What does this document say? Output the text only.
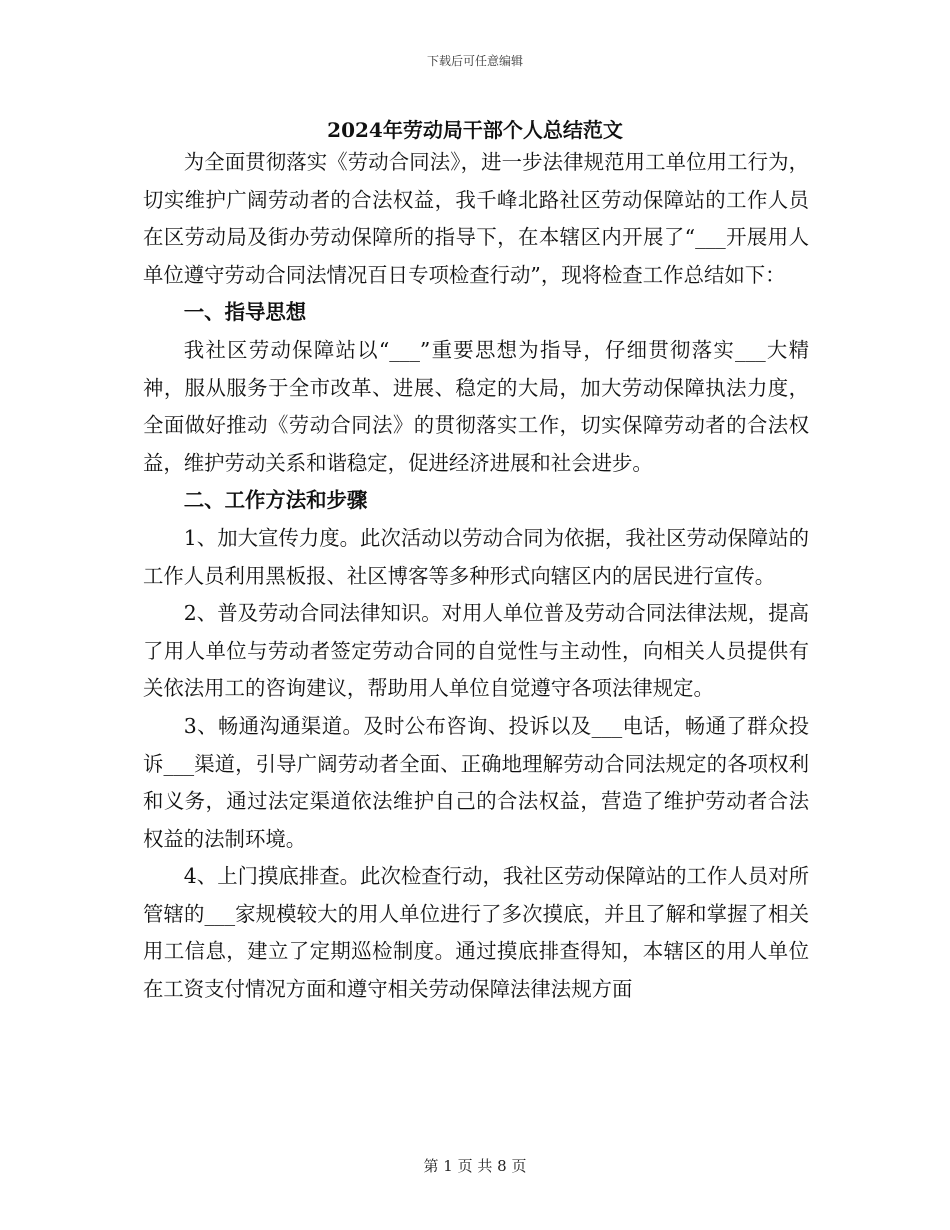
下载后可任意编辑
2024年劳动局干部个人总结范文

为全面贯彻落实《劳动合同法》，进一步法律规范用工单位用工行为，切实维护广阔劳动者的合法权益，我千峰北路社区劳动保障站的工作人员在区劳动局及街办劳动保障所的指导下，在本辖区内开展了“___开展用人单位遵守劳动合同法情况百日专项检查行动”，现将检查工作总结如下：

一、指导思想

我社区劳动保障站以“___”重要思想为指导，仔细贯彻落实___大精神，服从服务于全市改革、进展、稳定的大局，加大劳动保障执法力度，全面做好推动《劳动合同法》的贯彻落实工作，切实保障劳动者的合法权益，维护劳动关系和谐稳定，促进经济进展和社会进步。

二、工作方法和步骤

1、加大宣传力度。此次活动以劳动合同为依据，我社区劳动保障站的工作人员利用黑板报、社区博客等多种形式向辖区内的居民进行宣传。

2、普及劳动合同法律知识。对用人单位普及劳动合同法律法规，提高了用人单位与劳动者签定劳动合同的自觉性与主动性，向相关人员提供有关依法用工的咨询建议，帮助用人单位自觉遵守各项法律规定。

3、畅通沟通渠道。及时公布咨询、投诉以及___电话，畅通了群众投诉___渠道，引导广阔劳动者全面、正确地理解劳动合同法规定的各项权利和义务，通过法定渠道依法维护自己的合法权益，营造了维护劳动者合法权益的法制环境。

4、上门摸底排查。此次检查行动，我社区劳动保障站的工作人员对所管辖的___家规模较大的用人单位进行了多次摸底，并且了解和掌握了相关用工信息，建立了定期巡检制度。通过摸底排查得知，本辖区的用人单位在工资支付情况方面和遵守相关劳动保障法律法规方面

第 1 页 共 8 页
